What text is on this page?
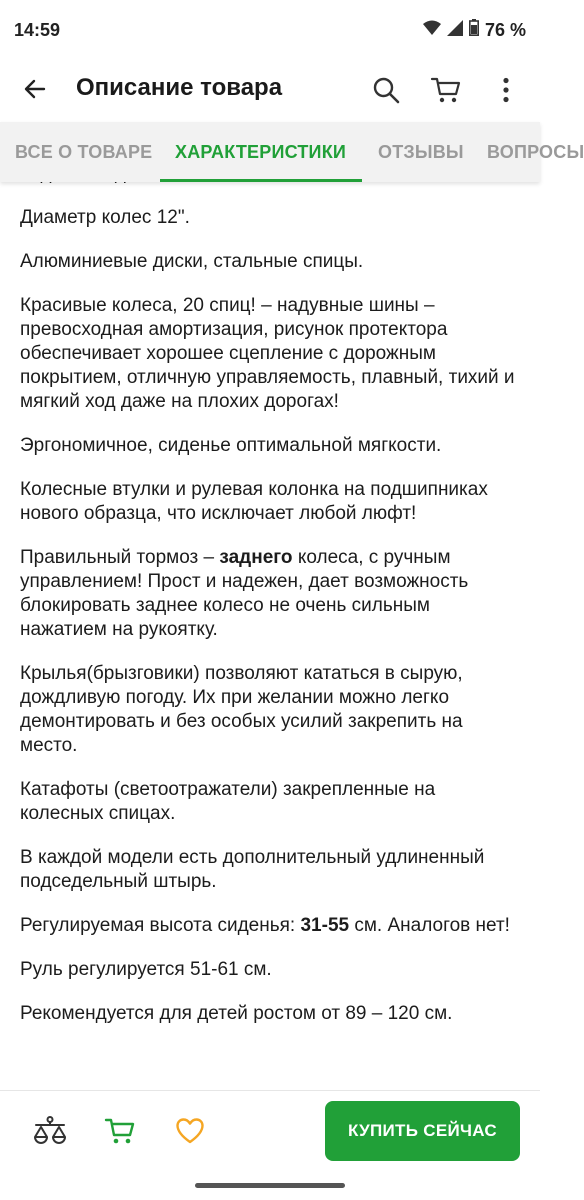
14:59	76 %
Описание товара
ВСЕ О ТОВАРЕ ХАРАКТЕРИСТИКИ ОТЗЫВЫ ВОПРОСЫ

Диаметр колес 12".

Алюминиевые диски, стальные спицы.

Красивые колеса, 20 спиц! – надувные шины – превосходная амортизация, рисунок протектора обеспечивает хорошее сцепление с дорожным покрытием, отличную управляемость, плавный, тихий и мягкий ход даже на плохих дорогах!

Эргономичное, сиденье оптимальной мягкости.

Колесные втулки и рулевая колонка на подшипниках нового образца, что исключает любой люфт!

Правильный тормоз – заднего колеса, с ручным управлением! Прост и надежен, дает возможность блокировать заднее колесо не очень сильным нажатием на рукоятку.

Крылья(брызговики) позволяют кататься в сырую, дождливую погоду. Их при желании можно легко демонтировать и без особых усилий закрепить на место.

Катафоты (светоотражатели) закрепленные на колесных спицах.

В каждой модели есть дополнительный удлиненный подседельный штырь.

Регулируемая высота сиденья: 31-55 см. Аналогов нет!

Руль регулируется 51-61 см.

Рекомендуется для детей ростом от 89 – 120 см.

КУПИТЬ СЕЙЧАС
